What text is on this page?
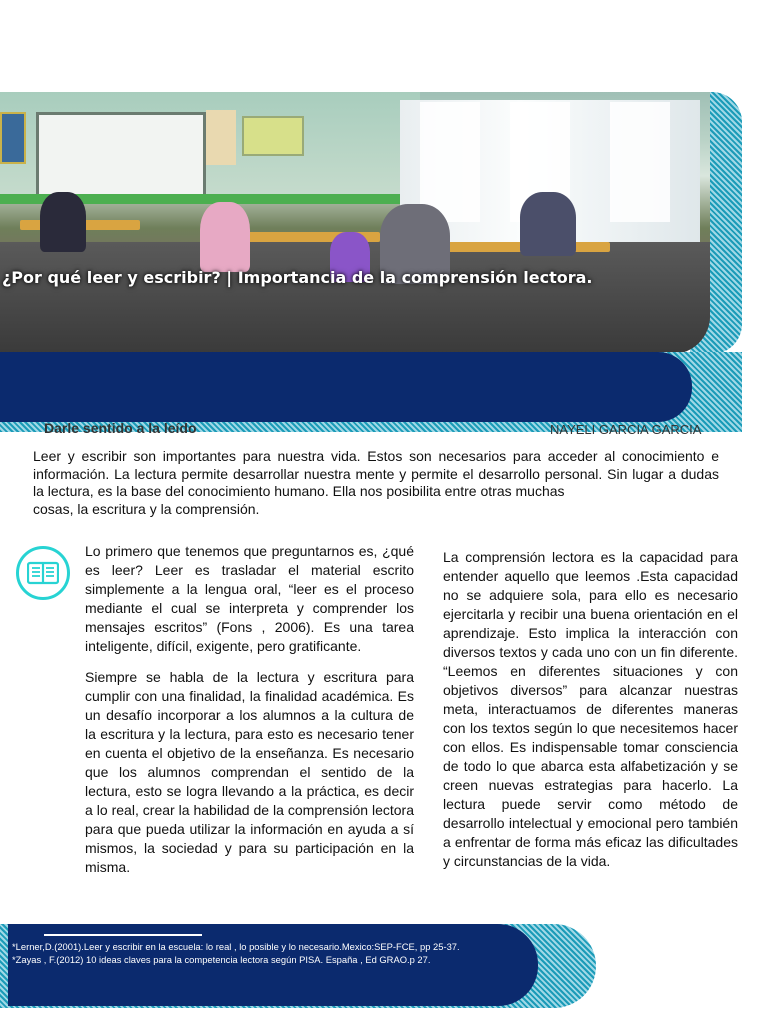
¿Por qué leer y escribir? | Importancia de la comprensión lectora.
Darle sentido a la leído	NAYELI GARCIA GARCIA

Leer y escribir son importantes para nuestra vida. Estos son necesarios para acceder al conocimiento e información. La lectura permite desarrollar nuestra mente y permite el desarrollo personal. Sin lugar a dudas la lectura, es la base del conocimiento humano. Ella nos posibilita entre otras muchas

cosas, la escritura y la comprensión.

Lo primero que tenemos que preguntarnos es, ¿qué es leer? Leer es trasladar el material escrito simplemente a la lengua oral, “leer es el proceso mediante el cual se interpreta y comprender los mensajes escritos” (Fons , 2006). Es una tarea inteligente, difícil, exigente, pero gratificante.

Siempre se habla de la lectura y escritura para cumplir con una finalidad, la finalidad académica. Es un desafío incorporar a los alumnos a la cultura de la escritura y la lectura, para esto es necesario tener en cuenta el objetivo de la enseñanza. Es necesario que los alumnos comprendan el sentido de la lectura, esto se logra llevando a la práctica, es decir a lo real, crear la habilidad de la comprensión lectora para que pueda utilizar la información en ayuda a sí mismos, la sociedad y para su participación en la misma.

La comprensión lectora es la capacidad para entender aquello que leemos .Esta capacidad no se adquiere sola, para ello es necesario ejercitarla y recibir una buena orientación en el aprendizaje. Esto implica la interacción con diversos textos y cada uno con un fin diferente. “Leemos en diferentes situaciones y con objetivos diversos” para alcanzar nuestras meta, interactuamos de diferentes maneras con los textos según lo que necesitemos hacer con ellos. Es indispensable tomar consciencia de todo lo que abarca esta alfabetización y se creen nuevas estrategias para hacerlo. La lectura puede servir como método de desarrollo intelectual y emocional pero también a enfrentar de forma más eficaz las dificultades y circunstancias de la vida.

*Lerner,D.(2001).Leer y escribir en la escuela: lo real , lo posible y lo necesario.Mexico:SEP-FCE, pp 25-37.
*Zayas , F.(2012) 10 ideas claves para la competencia lectora según PISA. España , Ed GRAO.p 27.
